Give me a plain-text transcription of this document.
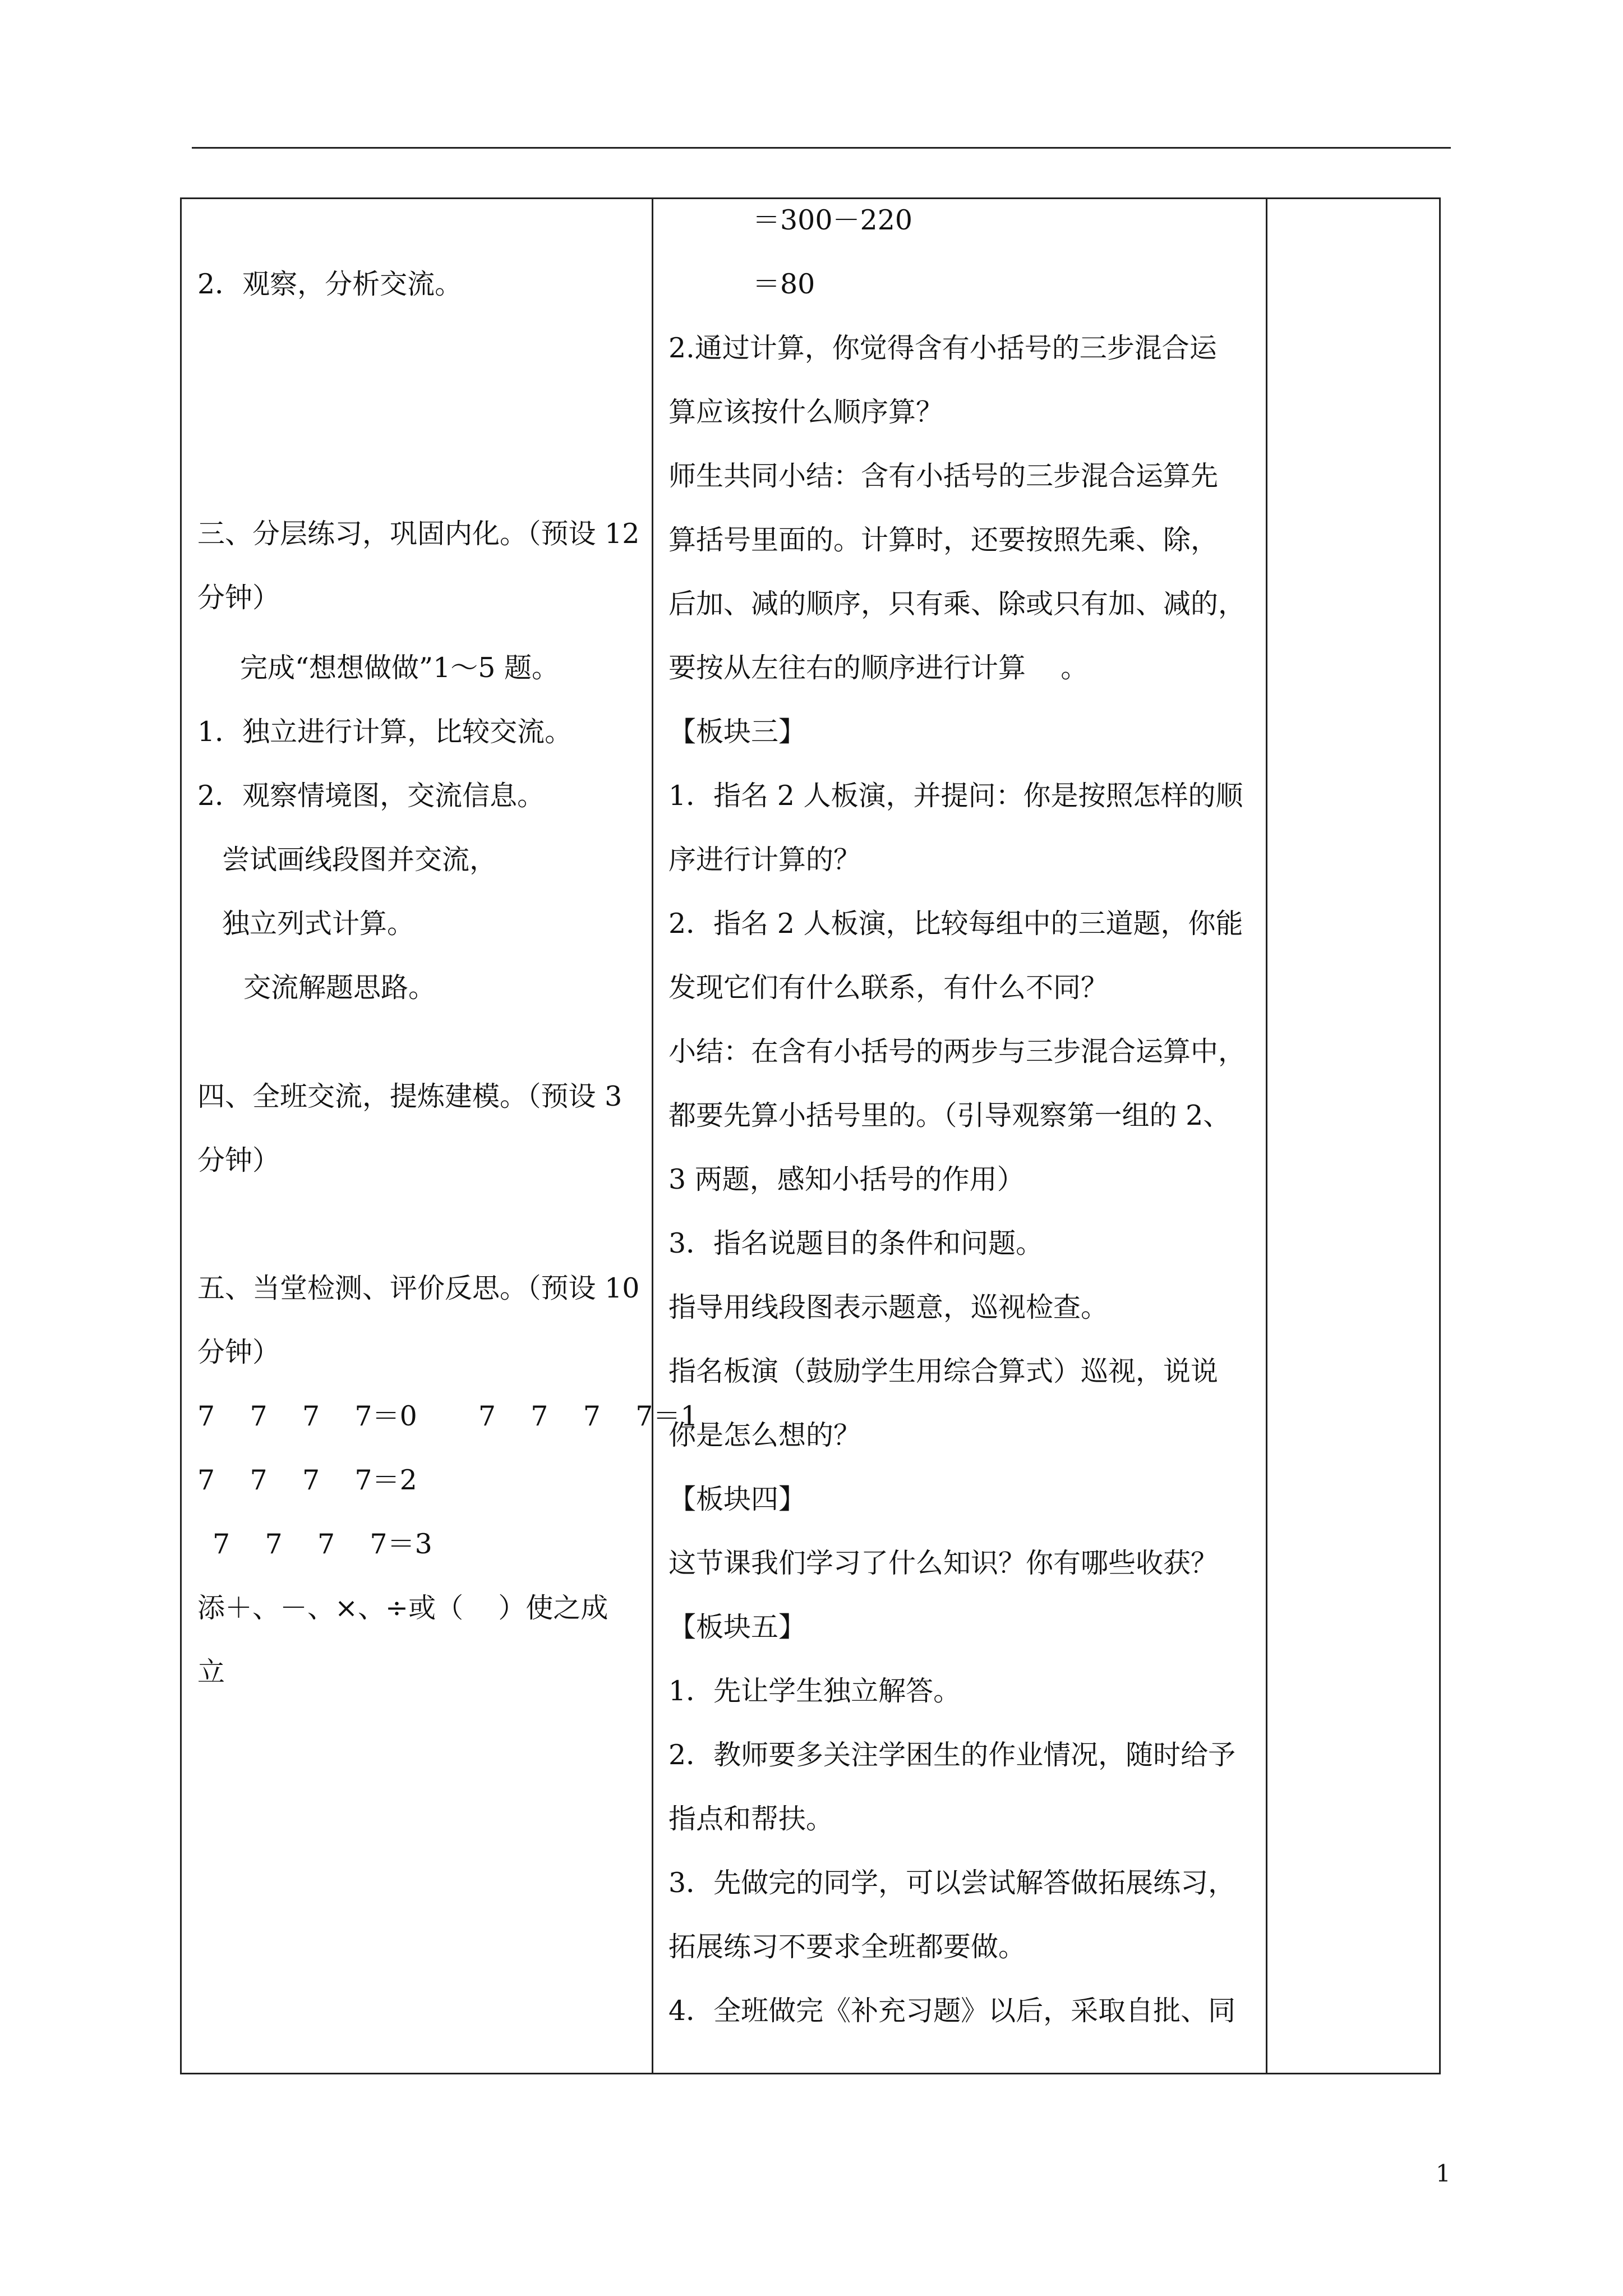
2．观察，分析交流。
三、分层练习，巩固内化。（预设 12
分钟）
完成“想想做做”1～5 题。
1．独立进行计算，比较交流。
2．观察情境图，交流信息。
尝试画线段图并交流，
独立列式计算。
交流解题思路。
四、全班交流，提炼建模。（预设 3
分钟）
五、当堂检测、评价反思。（预设 10
分钟）
7    7    7    7＝0       7    7    7    7＝1
7    7    7    7＝2
7    7    7    7＝3
添＋、－、×、÷或（    ）使之成
立
＝300－220
＝80
2.通过计算，你觉得含有小括号的三步混合运
算应该按什么顺序算？
师生共同小结：含有小括号的三步混合运算先
算括号里面的。计算时，还要按照先乘、除，
后加、减的顺序，只有乘、除或只有加、减的，
要按从左往右的顺序进行计算    。
【板块三】
1．指名 2 人板演，并提问：你是按照怎样的顺
序进行计算的？
2．指名 2 人板演，比较每组中的三道题，你能
发现它们有什么联系，有什么不同？
小结：在含有小括号的两步与三步混合运算中，
都要先算小括号里的。（引导观察第一组的 2、
3 两题，感知小括号的作用）
3．指名说题目的条件和问题。
指导用线段图表示题意，巡视检查。
指名板演（鼓励学生用综合算式）巡视，说说
你是怎么想的？
【板块四】
这节课我们学习了什么知识？你有哪些收获？
【板块五】
1．先让学生独立解答。
2．教师要多关注学困生的作业情况，随时给予
指点和帮扶。
3．先做完的同学，可以尝试解答做拓展练习，
拓展练习不要求全班都要做。
4．全班做完《补充习题》以后，采取自批、同
1
